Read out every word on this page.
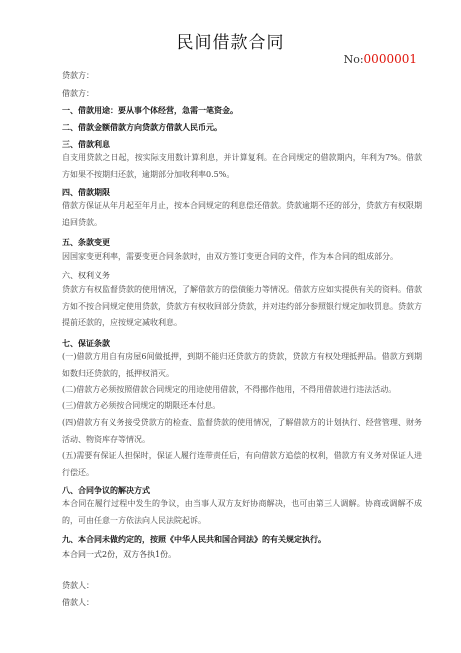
民间借款合同
No:0000001
贷款方：
借款方：
一、借款用途：要从事个体经营，急需一笔资金。
二、借款金额借款方向贷款方借款人民币元。
三、借款利息

自支用贷款之日起，按实际支用数计算利息，并计算复利。在合同规定的借款期内，年利为7%。借款方如果不按期归还款，逾期部分加收利率0.5%。

四、借款期限

借款方保证从年月起至年月止，按本合同规定的利息偿还借款。贷款逾期不还的部分，贷款方有权限期追回贷款。

五、条款变更

因国家变更利率，需要变更合同条款时，由双方签订变更合同的文件，作为本合同的组成部分。

六、权利义务

贷款方有权监督贷款的使用情况，了解借款方的偿债能力等情况。借款方应如实提供有关的资料。借款方如不按合同规定使用贷款，贷款方有权收回部分贷款，并对违约部分参照银行规定加收罚息。贷款方提前还款的，应按规定减收利息。

七、保证条款

(一)借款方用自有房屋6间做抵押，到期不能归还贷款方的贷款，贷款方有权处理抵押品。借款方到期如数归还贷款的，抵押权消灭。

(二)借款方必须按照借款合同规定的用途使用借款，不得挪作他用，不得用借款进行违法活动。

(三)借款方必须按合同规定的期限还本付息。

(四)借款方有义务接受贷款方的检查、监督贷款的使用情况，了解借款方的计划执行、经营管理、财务活动、物资库存等情况。

(五)需要有保证人担保时，保证人履行连带责任后，有向借款方追偿的权利，借款方有义务对保证人进行偿还。

八、合同争议的解决方式

本合同在履行过程中发生的争议，由当事人双方友好协商解决，也可由第三人调解。协商或调解不成的，可由任意一方依法向人民法院起诉。

九、本合同未做约定的，按照《中华人民共和国合同法》的有关规定执行。
本合同一式2份，双方各执1份。
贷款人：
借款人：
